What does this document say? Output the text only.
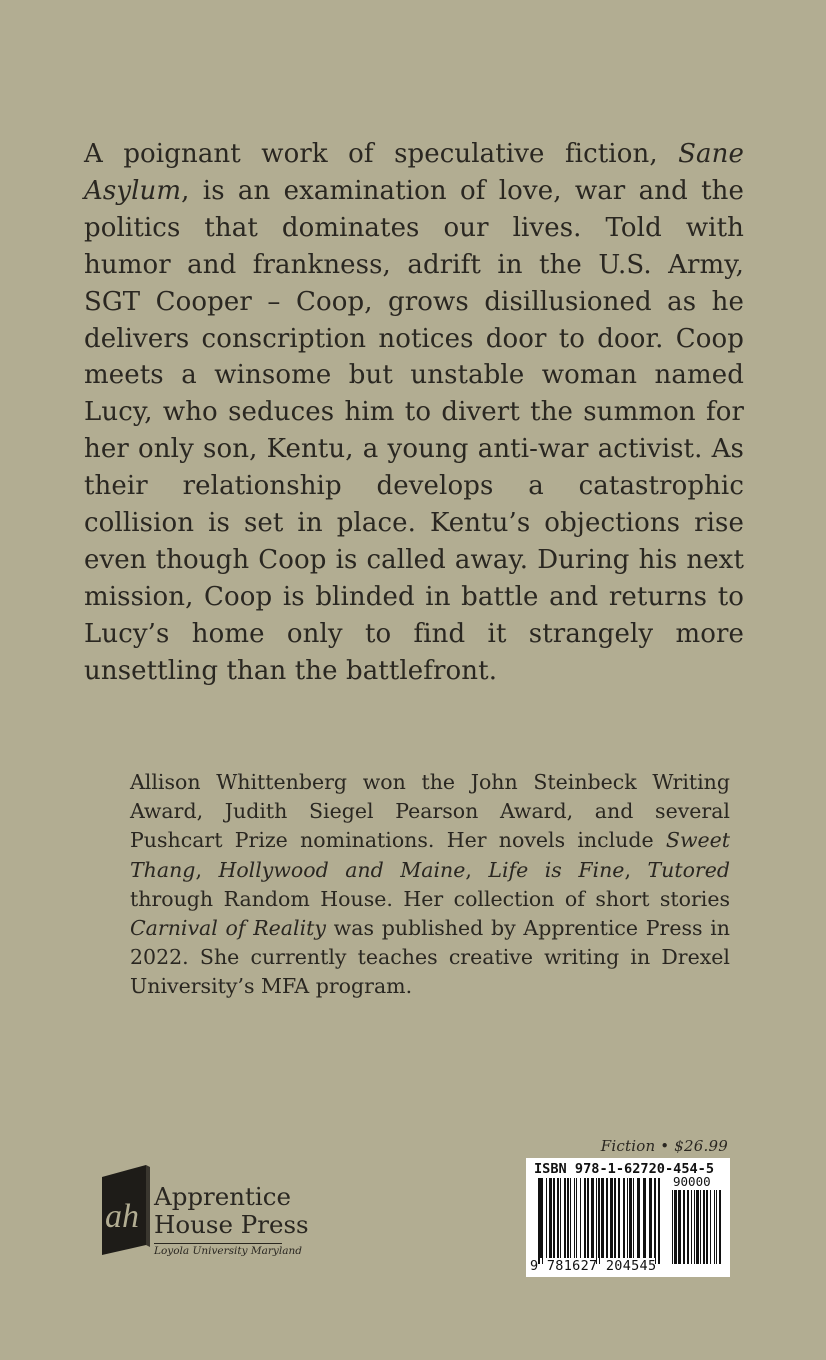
A poignant work of speculative fiction, Sane Asylum, is an examination of love, war and the politics that dominates our lives. Told with humor and frankness, adrift in the U.S. Army, SGT Cooper – Coop, grows disillusioned as he delivers conscription notices door to door. Coop meets a winsome but unstable woman named Lucy, who seduces him to divert the summon for her only son, Kentu, a young anti-war activist. As their relationship develops a catastrophic collision is set in place. Kentu’s objections rise even though Coop is called away. During his next mission, Coop is blinded in battle and returns to Lucy’s home only to find it strangely more unsettling than the battlefront.

Allison Whittenberg won the John Steinbeck Writing Award, Judith Siegel Pearson Award, and several Pushcart Prize nominations. Her novels include Sweet Thang, Hollywood and Maine, Life is Fine, Tutored through Random House. Her collection of short stories Carnival of Reality was published by Apprentice Press in 2022. She currently teaches creative writing in Drexel University’s MFA program.

Fiction • $26.99
ah
Apprentice
House Press
Loyola University Maryland
ISBN 978-1-62720-454-5
90000
9 781627 204545
